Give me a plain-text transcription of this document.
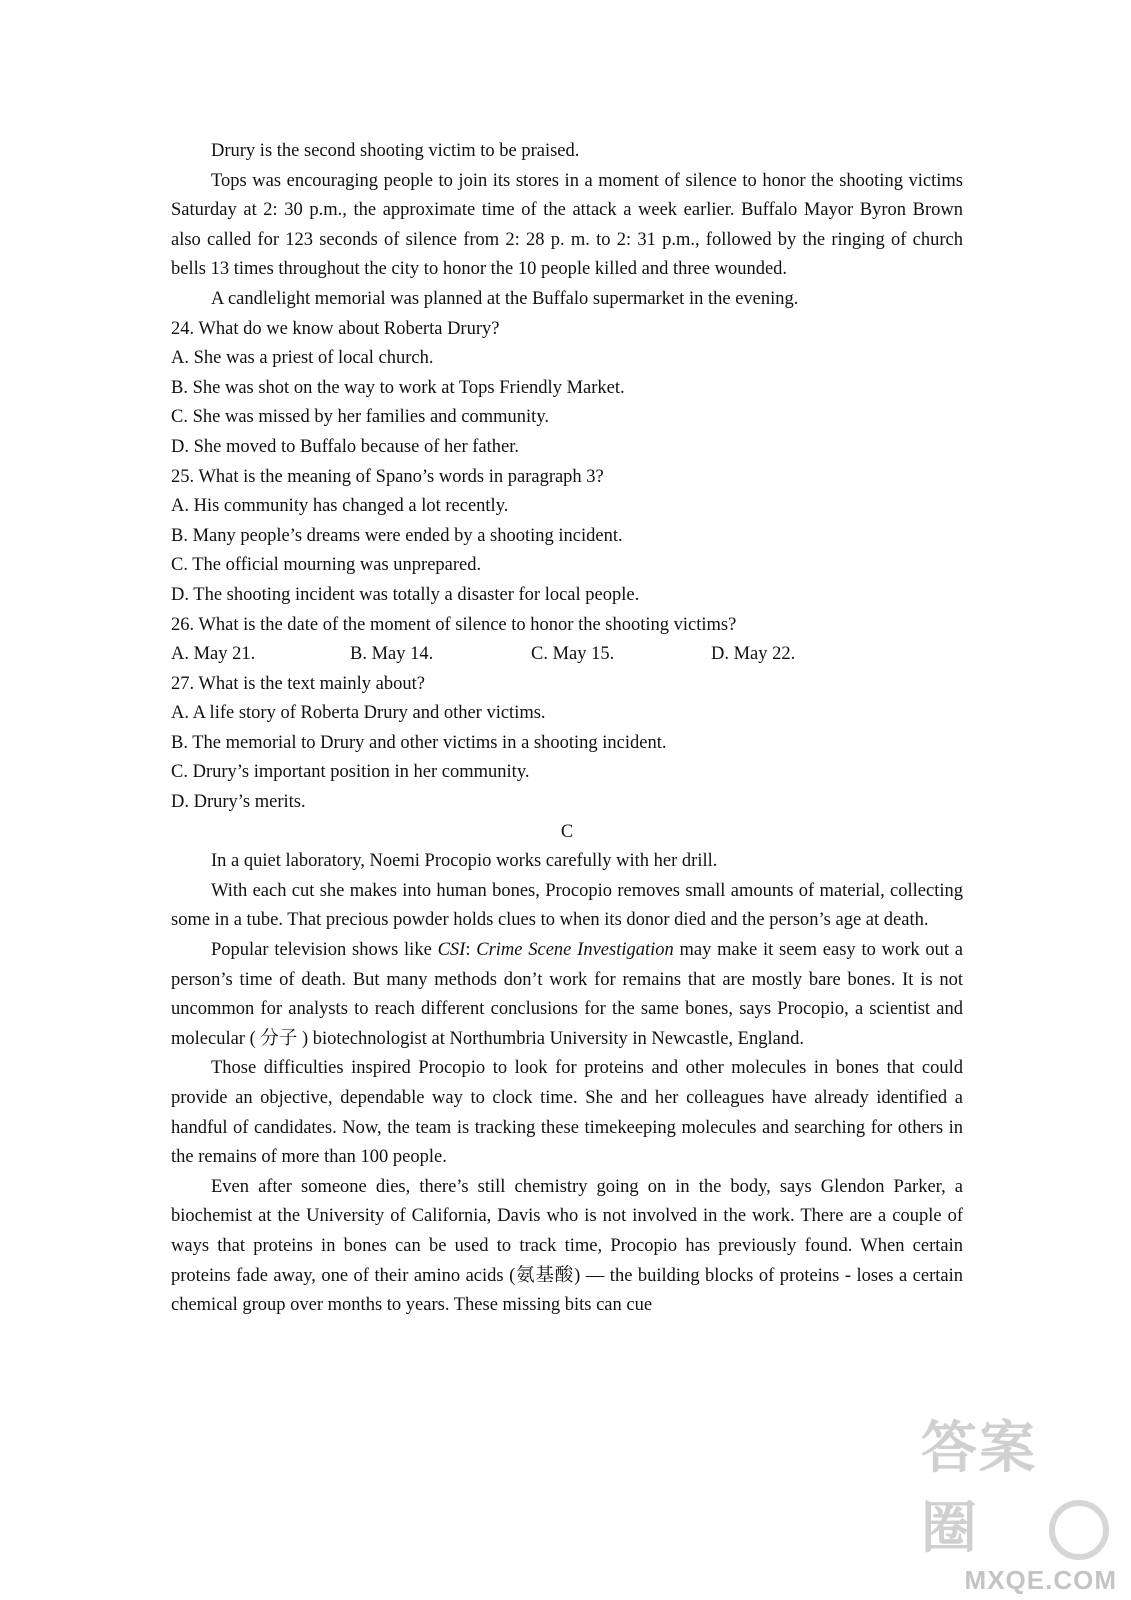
Drury is the second shooting victim to be praised.

Tops was encouraging people to join its stores in a moment of silence to honor the shooting victims Saturday at 2: 30 p.m., the approximate time of the attack a week earlier. Buffalo Mayor Byron Brown also called for 123 seconds of silence from 2: 28 p. m. to 2: 31 p.m., followed by the ringing of church bells 13 times throughout the city to honor the 10 people killed and three wounded.

A candlelight memorial was planned at the Buffalo supermarket in the evening.

24. What do we know about Roberta Drury?

A. She was a priest of local church.

B. She was shot on the way to work at Tops Friendly Market.

C. She was missed by her families and community.

D. She moved to Buffalo because of her father.

25. What is the meaning of Spano’s words in paragraph 3?

A. His community has changed a lot recently.

B. Many people’s dreams were ended by a shooting incident.

C. The official mourning was unprepared.

D. The shooting incident was totally a disaster for local people.

26. What is the date of the moment of silence to honor the shooting victims?

A. May 21.	B. May 14.	C. May 15.	D. May 22.

27. What is the text mainly about?

A. A life story of Roberta Drury and other victims.

B. The memorial to Drury and other victims in a shooting incident.

C. Drury’s important position in her community.

D. Drury’s merits.

C

In a quiet laboratory, Noemi Procopio works carefully with her drill.

With each cut she makes into human bones, Procopio removes small amounts of material, collecting some in a tube. That precious powder holds clues to when its donor died and the person’s age at death.

Popular television shows like CSI: Crime Scene Investigation may make it seem easy to work out a person’s time of death. But many methods don’t work for remains that are mostly bare bones. It is not uncommon for analysts to reach different conclusions for the same bones, says Procopio, a scientist and molecular ( 分子 ) biotechnologist at Northumbria University in Newcastle, England.

Those difficulties inspired Procopio to look for proteins and other molecules in bones that could provide an objective, dependable way to clock time. She and her colleagues have already identified a handful of candidates. Now, the team is tracking these timekeeping molecules and searching for others in the remains of more than 100 people.

Even after someone dies, there’s still chemistry going on in the body, says Glendon Parker, a biochemist at the University of California, Davis who is not involved in the work. There are a couple of ways that proteins in bones can be used to track time, Procopio has previously found. When certain proteins fade away, one of their amino acids (氨基酸) — the building blocks of proteins - loses a certain chemical group over months to years. These missing bits can cue

答案圈
MXQE.COM
